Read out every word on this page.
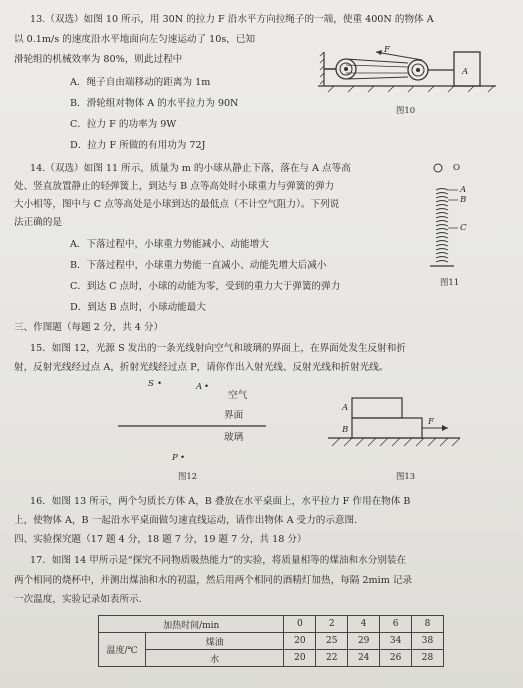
13.（双选）如图 10 所示，用 30N 的拉力 F 沿水平方向拉绳子的一端，使重 400N 的物体 A
以 0.1m/s 的速度沿水平地面向左匀速运动了 10s，已知
滑轮组的机械效率为 80%，则此过程中
A．绳子自由端移动的距离为 1m
B．滑轮组对物体 A 的水平拉力为 90N
C．拉力 F 的功率为 9W
D．拉力 F 所做的有用功为 72J
F
A
图10
14.（双选）如图 11 所示，质量为 m 的小球从静止下落，落在与 A 点等高
处、竖直放置静止的轻弹簧上，到达与 B 点等高处时小球重力与弹簧的弹力
大小相等，图中与 C 点等高处是小球到达的最低点（不计空气阻力）。下列说
法正确的是
A．下落过程中，小球重力势能减小、动能增大
B．下落过程中，小球重力势能一直减小、动能先增大后减小
C．到达 C 点时，小球的动能为零，受到的重力大于弹簧的弹力
D．到达 B 点时，小球动能最大
O
A
B
C
图11
三、作图题（每题 2 分，共 4 分）
15．如图 12，光源 S 发出的一条光线射向空气和玻璃的界面上，在界面处发生反射和折
射，反射光线经过点 A，折射光线经过点 P，请你作出入射光线、反射光线和折射光线。
S •	A •
空气
界面
玻璃
P •
图12
A
B
F
图13
16．如图 13 所示，两个匀质长方体 A，B 叠放在水平桌面上，水平拉力 F 作用在物体 B
上，使物体 A，B 一起沿水平桌面做匀速直线运动，请作出物体 A 受力的示意图.
四、实验探究题（17 题 4 分，18 题 7 分，19 题 7 分，共 18 分）
17．如图 14 甲所示是“探究不同物质吸热能力”的实验，将质量相等的煤油和水分别装在
两个相同的烧杯中，并测出煤油和水的初温，然后用两个相同的酒精灯加热，每隔 2mim 记录
一次温度，实验记录如表所示.
加热时间/min		0	2	4	6	8
温度/℃	煤油	20	25	29	34	38
	水	20	22	24	26	28
